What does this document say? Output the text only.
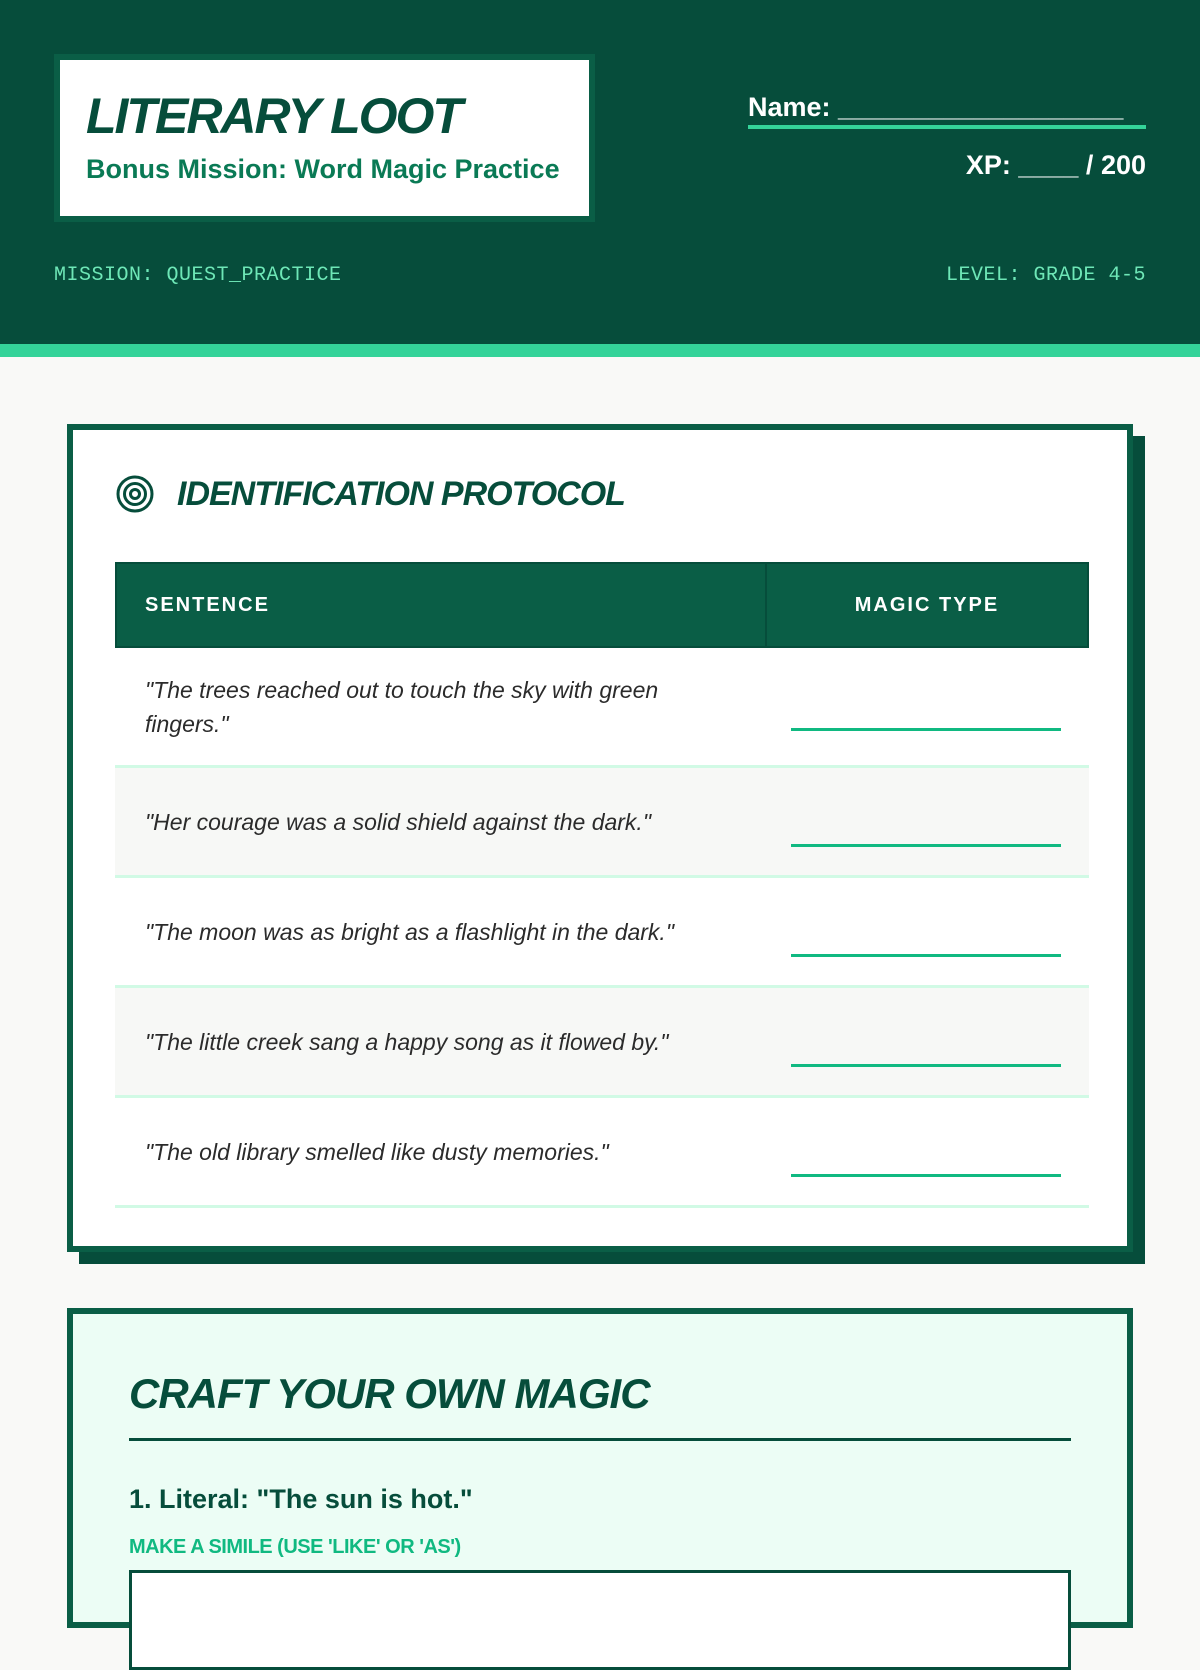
LITERARY LOOT
Bonus Mission: Word Magic Practice
Name: ___________________
XP: ____ / 200
MISSION: QUEST_PRACTICE	LEVEL: GRADE 4-5
IDENTIFICATION PROTOCOL
SENTENCE	MAGIC TYPE
"The trees reached out to touch the sky with green fingers."
"Her courage was a solid shield against the dark."
"The moon was as bright as a flashlight in the dark."
"The little creek sang a happy song as it flowed by."
"The old library smelled like dusty memories."
CRAFT YOUR OWN MAGIC
1. Literal: "The sun is hot."
MAKE A SIMILE (USE 'LIKE' OR 'AS')
